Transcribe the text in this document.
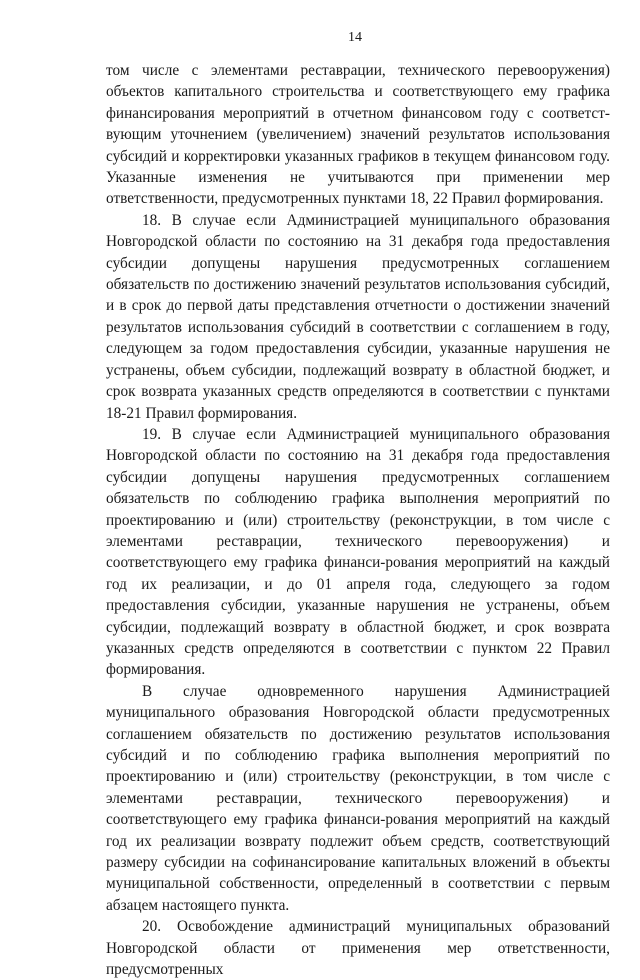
14

том числе с элементами реставрации, технического перевооружения) объектов капитального строительства и соответствующего ему графика финансирования мероприятий в отчетном финансовом году с соответст-вующим уточнением (увеличением) значений результатов использования субсидий и корректировки указанных графиков в текущем финансовом году. Указанные изменения не учитываются при применении мер ответственности, предусмотренных пунктами 18, 22 Правил формирования.

18. В случае если Администрацией муниципального образования Новгородской области по состоянию на 31 декабря года предоставления субсидии допущены нарушения предусмотренных соглашением обязательств по достижению значений результатов использования субсидий, и в срок до первой даты представления отчетности о достижении значений результатов использования субсидий в соответствии с соглашением в году, следующем за годом предоставления субсидии, указанные нарушения не устранены, объем субсидии, подлежащий возврату в областной бюджет, и срок возврата указанных средств определяются в соответствии с пунктами 18-21 Правил формирования.

19. В случае если Администрацией муниципального образования Новгородской области по состоянию на 31 декабря года предоставления субсидии допущены нарушения предусмотренных соглашением обязательств по соблюдению графика выполнения мероприятий по проектированию и (или) строительству (реконструкции, в том числе с элементами реставрации, технического перевооружения) и соответствующего ему графика финанси-рования мероприятий на каждый год их реализации, и до 01 апреля года, следующего за годом предоставления субсидии, указанные нарушения не устранены, объем субсидии, подлежащий возврату в областной бюджет, и срок возврата указанных средств определяются в соответствии с пунктом 22 Правил формирования.

В случае одновременного нарушения Администрацией муниципального образования Новгородской области предусмотренных соглашением обязательств по достижению результатов использования субсидий и по соблюдению графика выполнения мероприятий по проектированию и (или) строительству (реконструкции, в том числе с элементами реставрации, технического перевооружения) и соответствующего ему графика финанси-рования мероприятий на каждый год их реализации возврату подлежит объем средств, соответствующий размеру субсидии на софинансирование капитальных вложений в объекты муниципальной собственности, определенный в соответствии с первым абзацем настоящего пункта.

20. Освобождение администраций муниципальных образований Новгородской области от применения мер ответственности, предусмотренных
